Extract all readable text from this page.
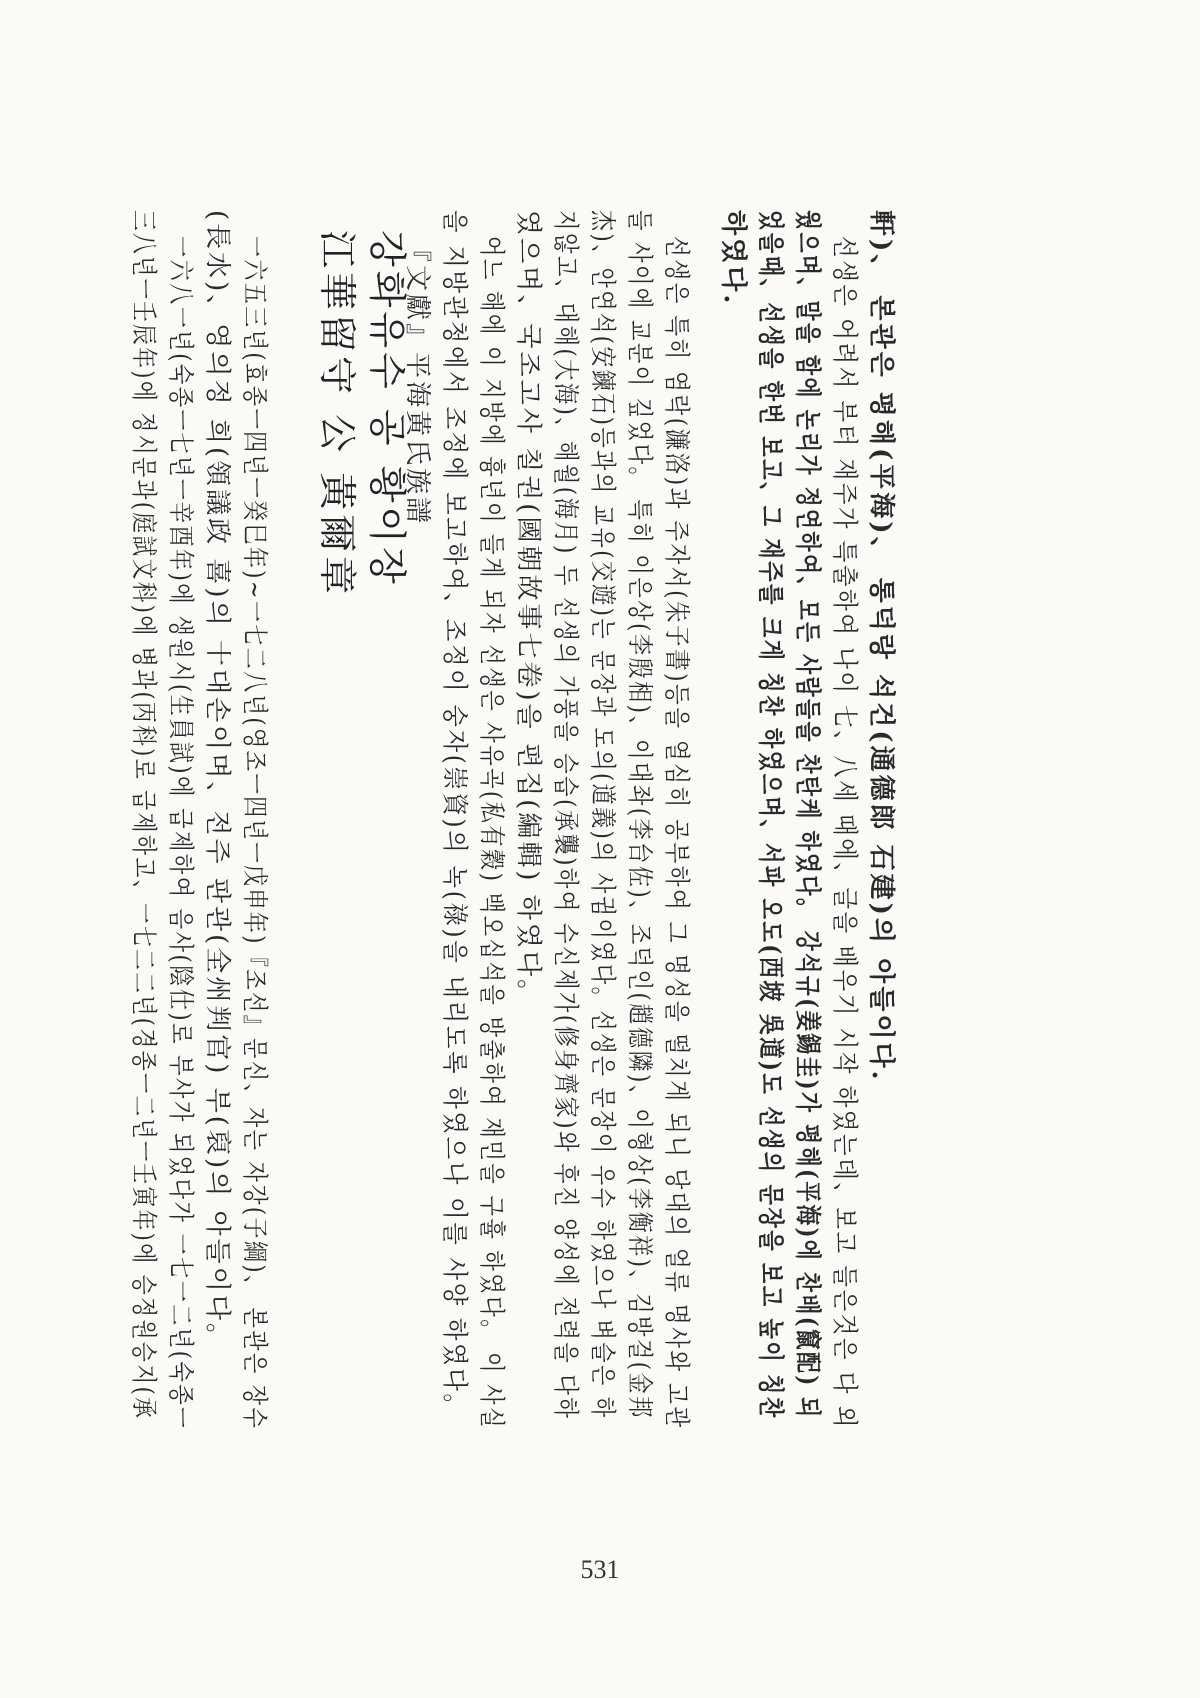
軒)、 본관은 평해(平海)、 통덕랑 석건(通德郎 石建)의 아들이다.
선생은 어려서 부터 재주가 특출하여 나이 七、八세 때에、글을 배우기 시작 하였는데、보고 들은것은 다 외
웠으며、말을 함에 논리가 정연하여、모든 사람들을 찬탄케 하였다。 강석규(姜錫圭)가 평해(平海)에 찬배(竄配) 되
었을때、선생을 한번 보고、그 재주를 크게 칭찬 하였으며、서파 오도(西坡 吳道)도 선생의 문장을 보고 높이 칭찬
하였다.
선생은 특히 염락(濂洛)과 주자서(朱子書)등을 열심히 공부하여 그 명성을 떨치게 되니 당대의 얼류 명사와 고관
들 사이에 교분이 깊었다。 특히 이은상(李殷相)、이대좌(李台佐)、조덕인(趙德隣)、이형상(李衡祥)、김방걸(金邦
杰)、안연석(安鍊石)등과의 교유(交遊)는 문장과 도의(道義)의 사귐이였다。선생은 문장이 우수 하였으나 벼슬은 하
지않고、대해(大海)、해월(海月) 두 선생의 가풍을 승습(承襲)하여 수신제가(修身齊家)와 후진 양성에 전력을 다하
였으며、국조고사 칠권(國朝故事七卷)을 편집(編輯) 하였다。
어느 해에 이 지방에 흉년이 들게 되자 선생은 사유곡(私有穀) 백오십석을 방출하여 재민을 구휼 하였다。 이 사실
을 지방관청에서 조정에 보고하여、조정이 숭자(崇資)의 녹(祿)을 내리도록 하였으나 이를 사양 하였다。
『文獻』平海黃氏族譜
강화유수 공 황이장
江華留守 公 黃爾章
一六五三년(효종ㅡ四년ㅡ癸巳年)∼一七二八년(영조ㅡ四년ㅡ戊申年)『조선』문신、자는 자강(子綱)、 본관은 장수
(長水)、영의정 희(領議政 喜)의 十대손이며、전주 판관(全州判官) 부(裒)의 아들이다。
一六八一년(숙종ㅡ七년ㅡ辛酉年)에 생원시(生員試)에 급제하여 음사(陰仕)로 부사가 되었다가 一七一二년(숙종ㅡ
三八년ㅡ壬辰年)에 정시문과(庭試文科)에 병과(丙科)로 급제하고、一七二二년(경종ㅡ二년ㅡ壬寅年)에 승정원승지(承
531
